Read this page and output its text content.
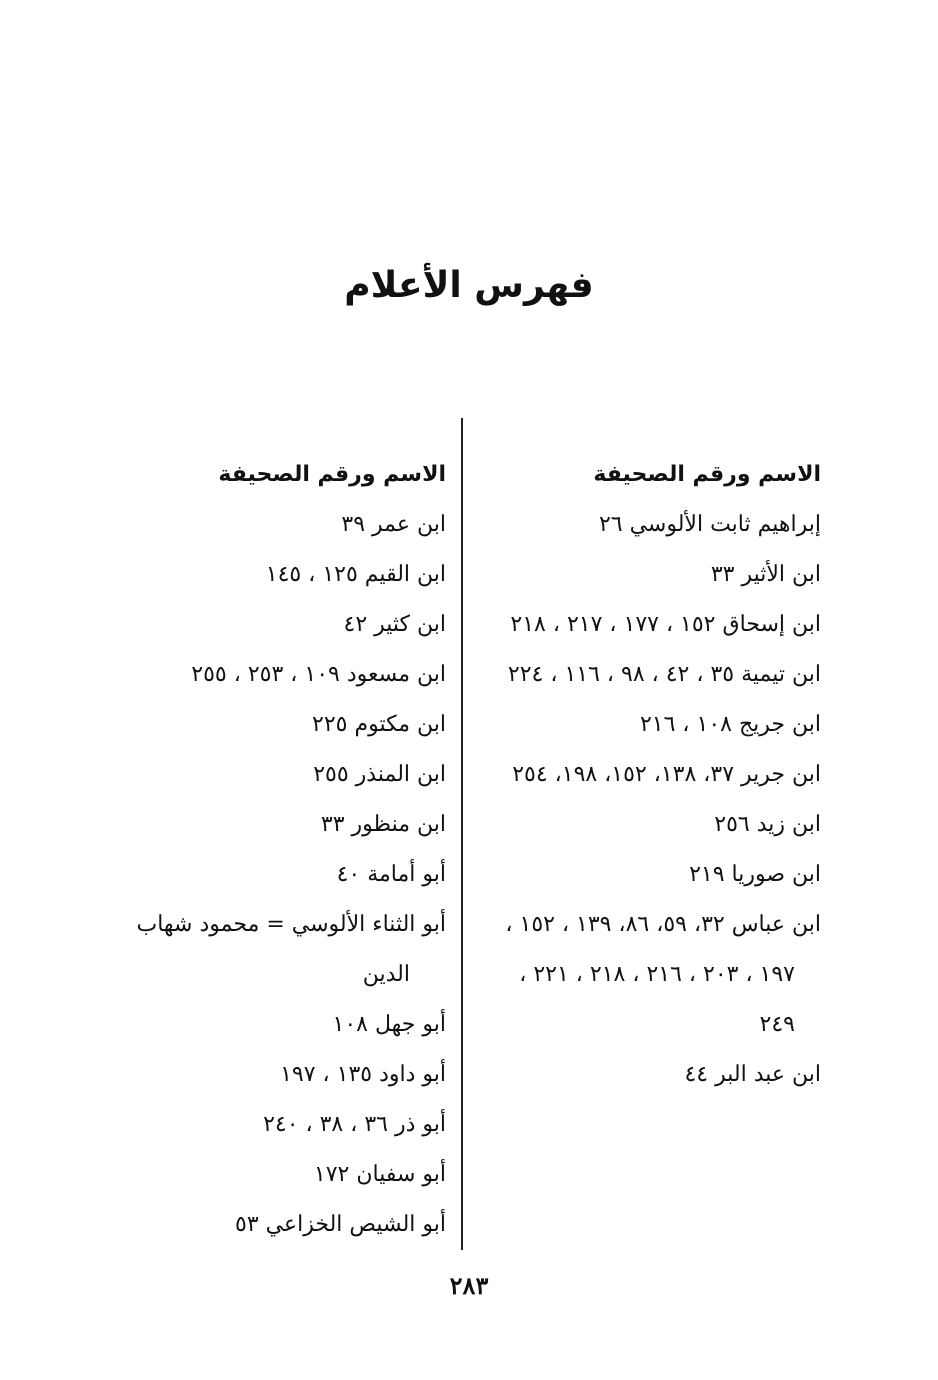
فهرس الأعلام
الاسم ورقم الصحيفة

إبراهيم ثابت الألوسي ٢٦

ابن الأثير ٣٣

ابن إسحاق ١٥٢ ، ١٧٧ ، ٢١٧ ، ٢١٨

ابن تيمية ٣٥ ، ٤٢ ، ٩٨ ، ١١٦ ، ٢٢٤

ابن جريج ١٠٨ ، ٢١٦

ابن جرير ٣٧، ١٣٨، ١٥٢، ١٩٨، ٢٥٤

ابن زيد ٢٥٦

ابن صوريا ٢١٩

ابن عباس ٣٢، ٥٩، ٨٦، ١٣٩ ، ١٥٢ ، ١٩٧ ، ٢٠٣ ، ٢١٦ ، ٢١٨ ، ٢٢١ ، ٢٤٩

ابن عبد البر ٤٤

الاسم ورقم الصحيفة

ابن عمر ٣٩

ابن القيم ١٢٥ ، ١٤٥

ابن كثير ٤٢

ابن مسعود ١٠٩ ، ٢٥٣ ، ٢٥٥

ابن مكتوم ٢٢٥

ابن المنذر ٢٥٥

ابن منظور ٣٣

أبو أمامة ٤٠

أبو الثناء الألوسي = محمود شهاب الدين

أبو جهل ١٠٨

أبو داود ١٣٥ ، ١٩٧

أبو ذر ٣٦ ، ٣٨ ، ٢٤٠

أبو سفيان ١٧٢

أبو الشيص الخزاعي ٥٣

٢٨٣
